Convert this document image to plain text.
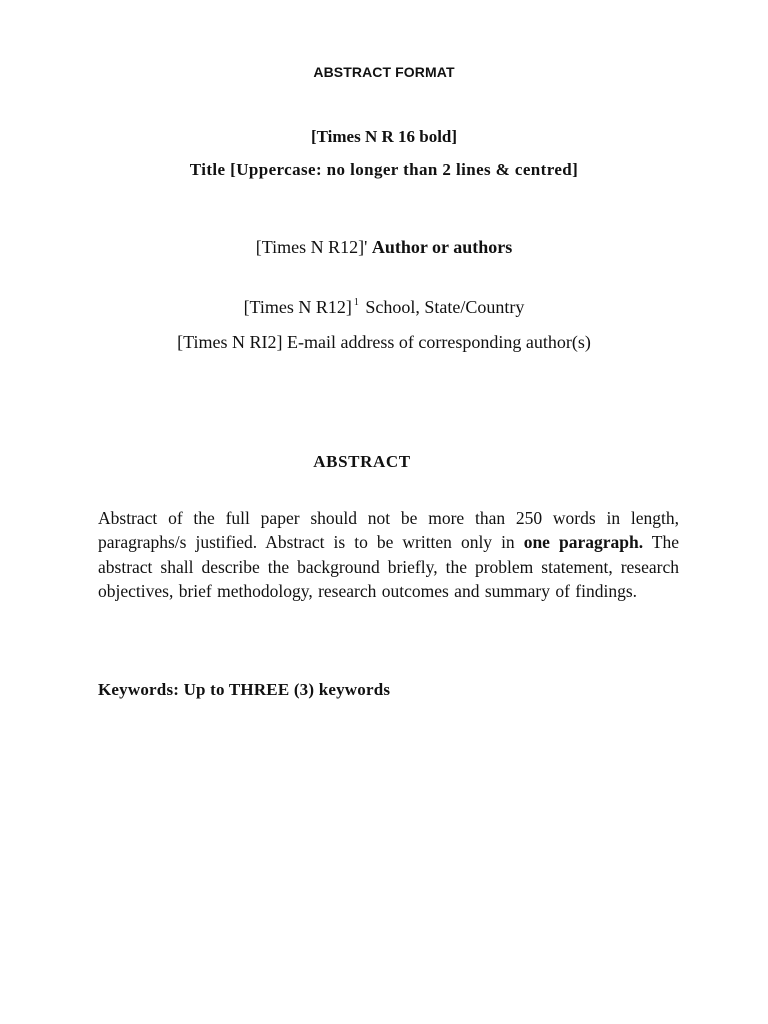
ABSTRACT FORMAT
[Times N R 16 bold]
Title [Uppercase: no longer than 2 lines & centred]
[Times N R12]' Author or authors
[Times N R12] $^1$ School, State/Country
[Times N RI2] E-mail address of corresponding author(s)
ABSTRACT
Abstract of the full paper should not be more than 250 words in length, paragraphs/s justified. Abstract is to be written only in one paragraph. The abstract shall describe the background briefly, the problem statement, research objectives, brief methodology, research outcomes and summary of findings.
Keywords: Up to THREE (3) keywords
